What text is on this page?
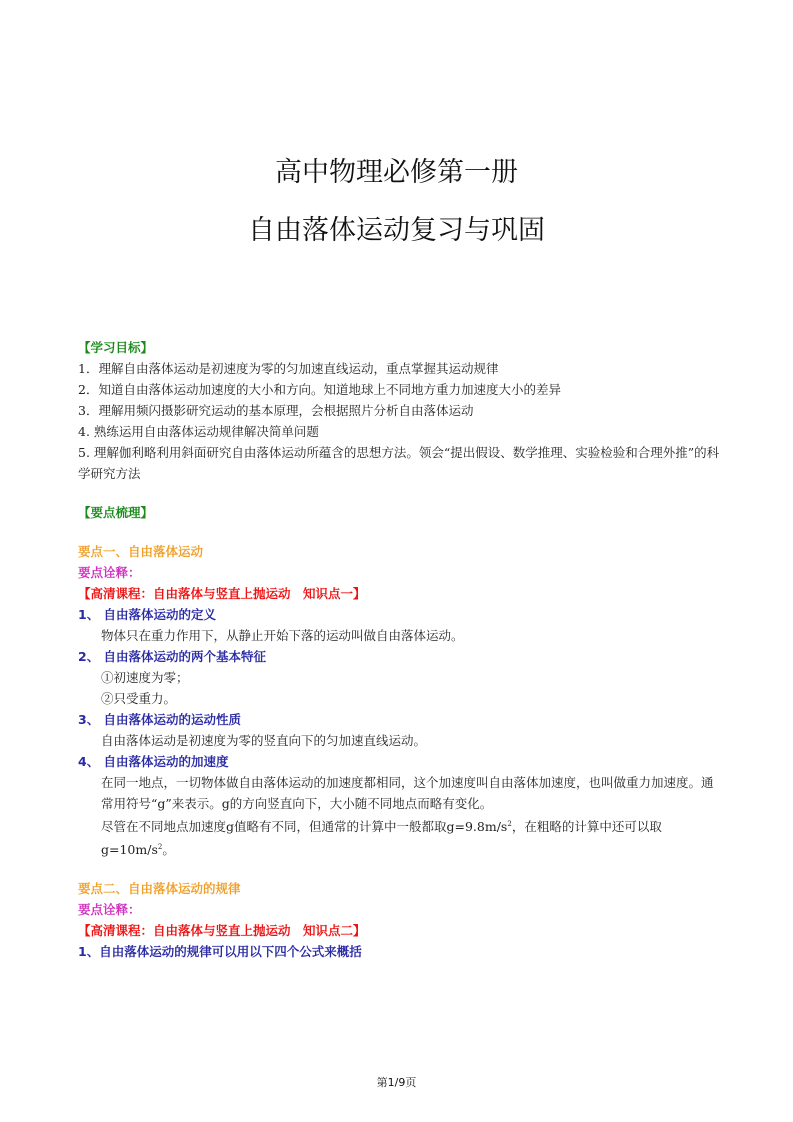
高中物理必修第一册
自由落体运动复习与巩固
【学习目标】
1．理解自由落体运动是初速度为零的匀加速直线运动，重点掌握其运动规律
2．知道自由落体运动加速度的大小和方向。知道地球上不同地方重力加速度大小的差异
3．理解用频闪摄影研究运动的基本原理，会根据照片分析自由落体运动
4. 熟练运用自由落体运动规律解决简单问题
5. 理解伽利略利用斜面研究自由落体运动所蕴含的思想方法。领会“提出假设、数学推理、实验检验和合理外推”的科学研究方法
【要点梳理】
要点一、自由落体运动
要点诠释：
【高清课程：自由落体与竖直上抛运动　知识点一】
1、 自由落体运动的定义
物体只在重力作用下，从静止开始下落的运动叫做自由落体运动。
2、 自由落体运动的两个基本特征
①初速度为零；
②只受重力。
3、 自由落体运动的运动性质
自由落体运动是初速度为零的竖直向下的匀加速直线运动。
4、 自由落体运动的加速度
在同一地点，一切物体做自由落体运动的加速度都相同，这个加速度叫自由落体加速度，也叫做重力加速度。通常用符号“g”来表示。g的方向竖直向下，大小随不同地点而略有变化。
尽管在不同地点加速度g值略有不同，但通常的计算中一般都取$g=9.8m/s^2$，在粗略的计算中还可以取$g=10m/s^2$。
要点二、自由落体运动的规律
要点诠释：
【高清课程：自由落体与竖直上抛运动　知识点二】
1、自由落体运动的规律可以用以下四个公式来概括
第1/9页
